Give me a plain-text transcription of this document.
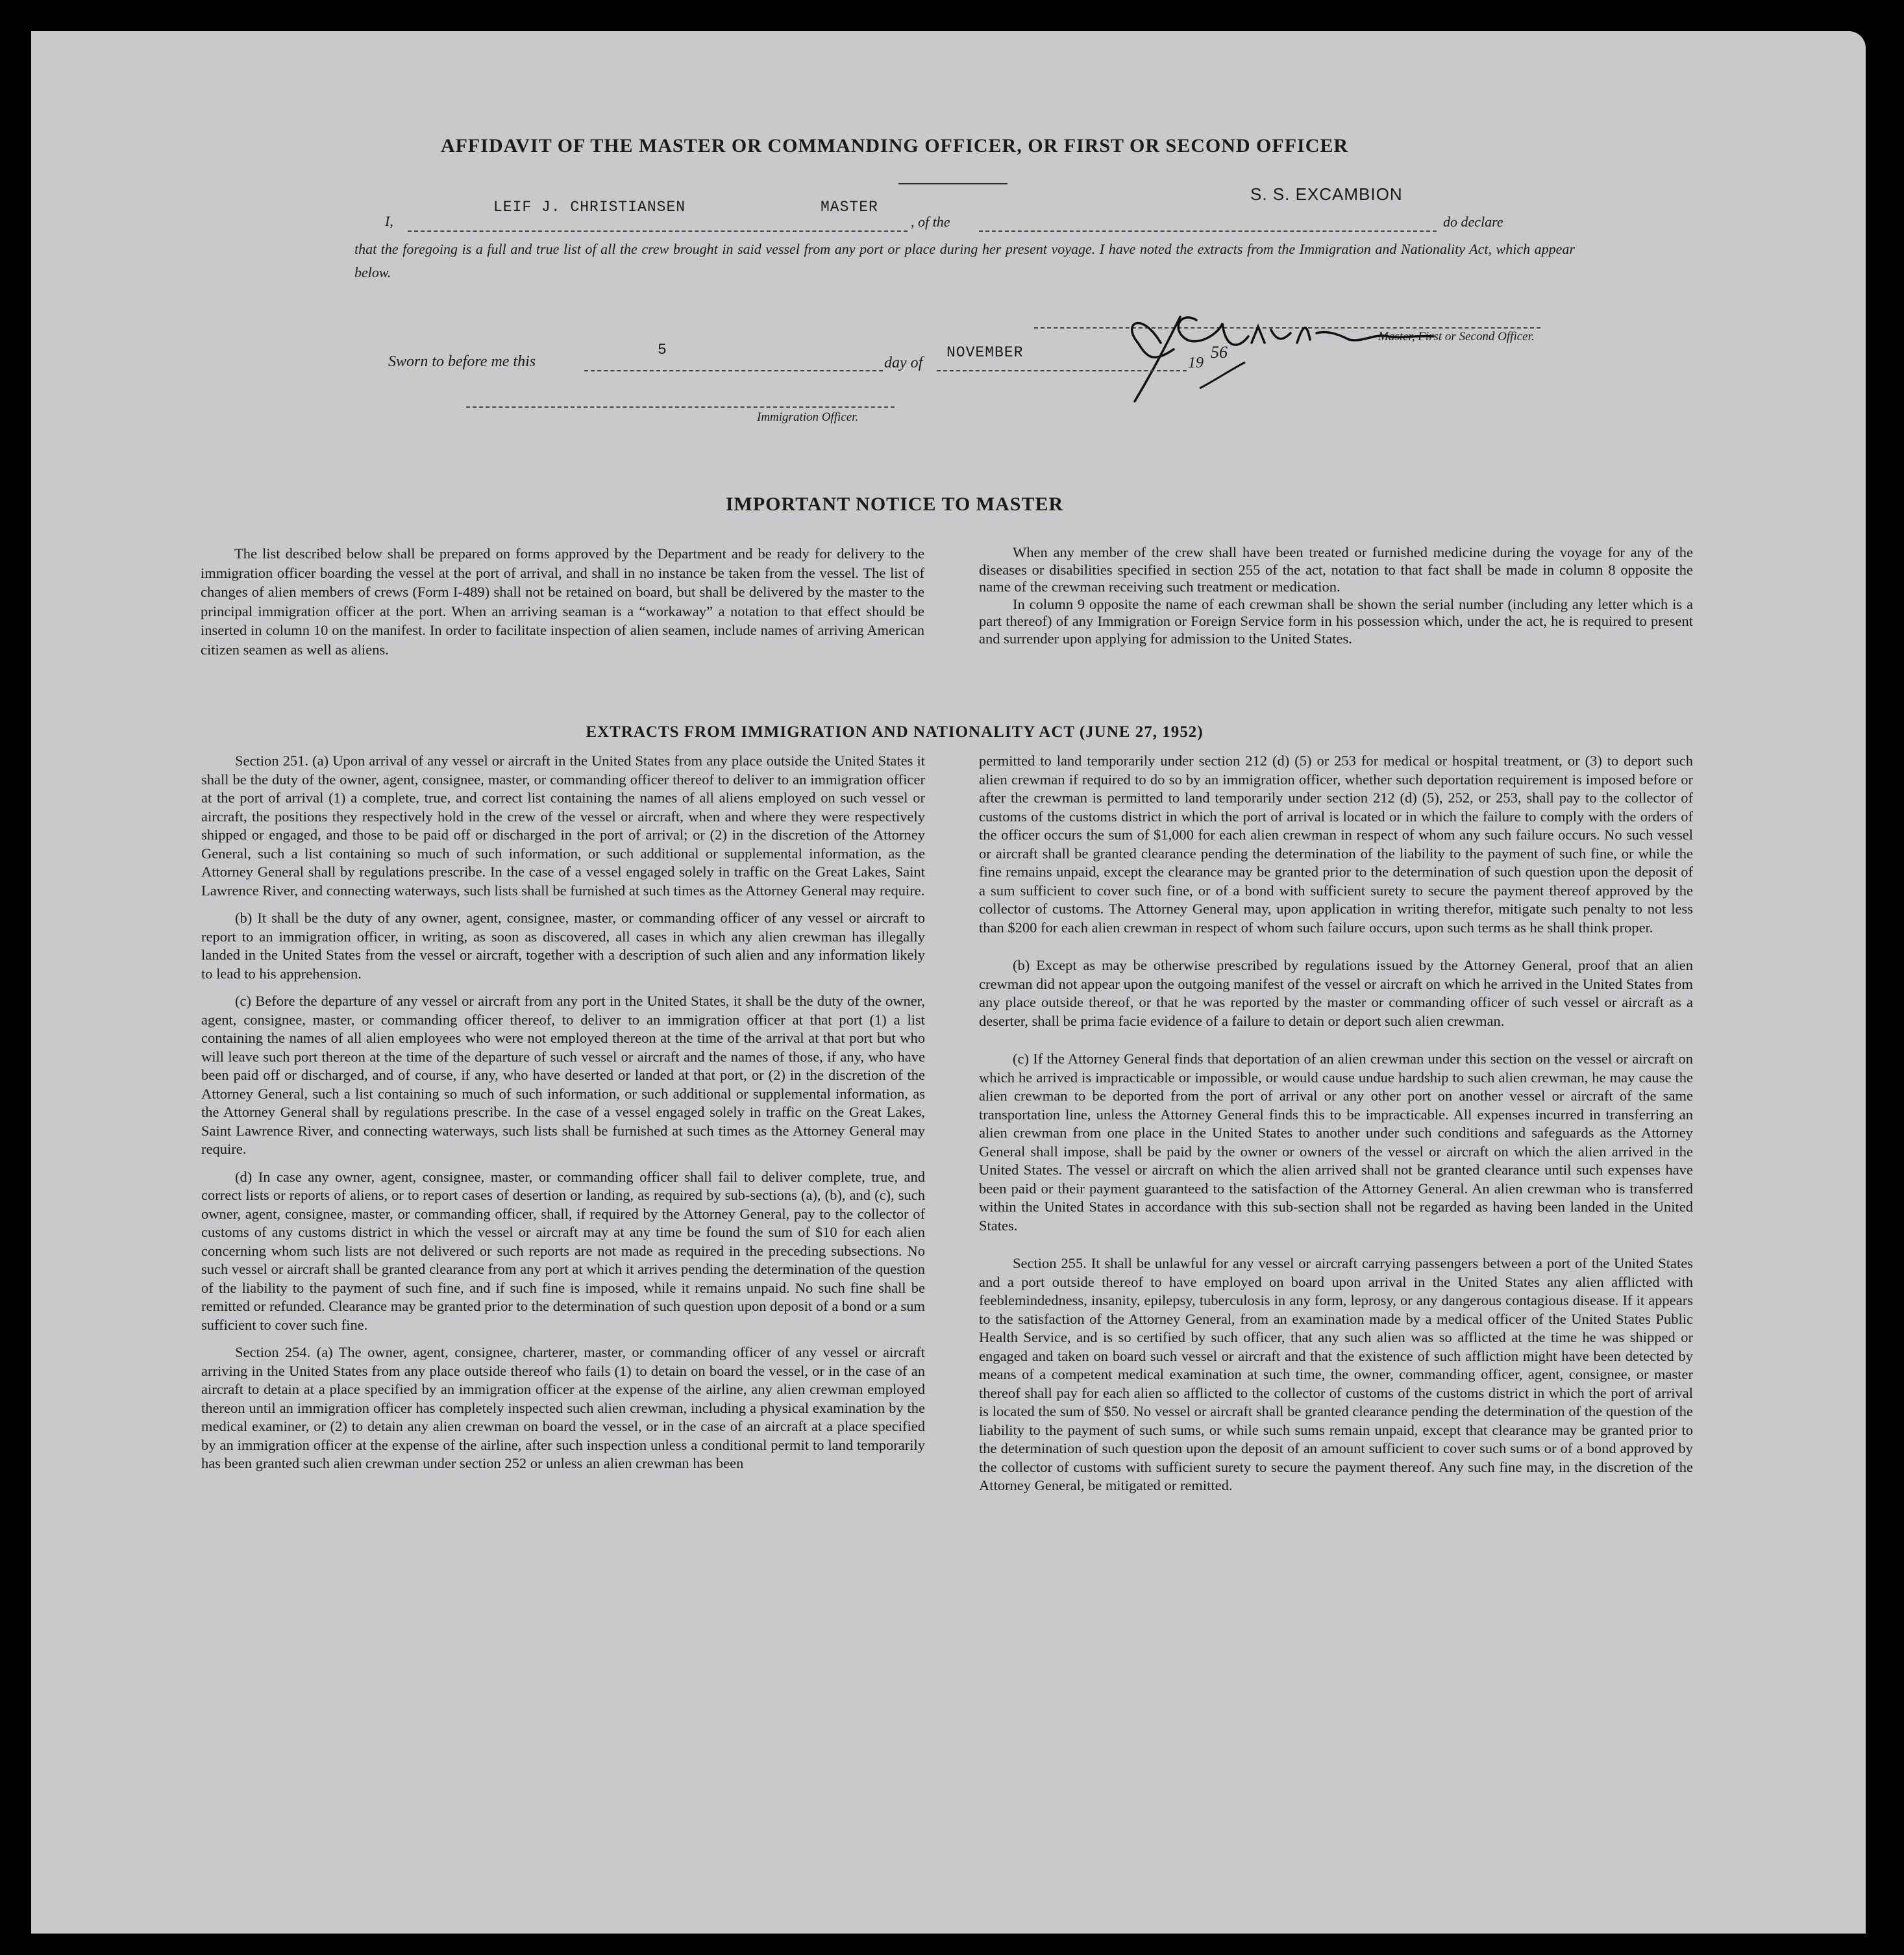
AFFIDAVIT OF THE MASTER OR COMMANDING OFFICER, OR FIRST OR SECOND OFFICER
I,
LEIF J. CHRISTIANSEN	MASTER
, of the
S. S. EXCAMBION
do declare
that the foregoing is a full and true list of all the crew brought in said vessel from any port or place during her present voyage. I have noted the extracts from the Immigration and Nationality Act, which appear below.
Master, First or Second Officer.
Sworn to before me this
5
day of
NOVEMBER
19
56
Immigration Officer.
IMPORTANT NOTICE TO MASTER

The list described below shall be prepared on forms approved by the Department and be ready for delivery to the immigration officer boarding the vessel at the port of arrival, and shall in no instance be taken from the vessel. The list of changes of alien members of crews (Form I-489) shall not be retained on board, but shall be delivered by the master to the principal immigration officer at the port. When an arriving seaman is a “workaway” a notation to that effect should be inserted in column 10 on the manifest. In order to facilitate inspection of alien seamen, include names of arriving American citizen seamen as well as aliens.

When any member of the crew shall have been treated or furnished medicine during the voyage for any of the diseases or disabilities specified in section 255 of the act, notation to that fact shall be made in column 8 opposite the name of the crewman receiving such treatment or medication.

In column 9 opposite the name of each crewman shall be shown the serial number (including any letter which is a part thereof) of any Immigration or Foreign Service form in his possession which, under the act, he is required to present and surrender upon applying for admission to the United States.

EXTRACTS FROM IMMIGRATION AND NATIONALITY ACT (JUNE 27, 1952)

Section 251. (a) Upon arrival of any vessel or aircraft in the United States from any place outside the United States it shall be the duty of the owner, agent, consignee, master, or commanding officer thereof to deliver to an immigration officer at the port of arrival (1) a complete, true, and correct list containing the names of all aliens employed on such vessel or aircraft, the positions they respectively hold in the crew of the vessel or aircraft, when and where they were respectively shipped or engaged, and those to be paid off or discharged in the port of arrival; or (2) in the discretion of the Attorney General, such a list containing so much of such information, or such additional or supplemental information, as the Attorney General shall by regulations prescribe. In the case of a vessel engaged solely in traffic on the Great Lakes, Saint Lawrence River, and connecting waterways, such lists shall be furnished at such times as the Attorney General may require.

(b) It shall be the duty of any owner, agent, consignee, master, or commanding officer of any vessel or aircraft to report to an immigration officer, in writing, as soon as discovered, all cases in which any alien crewman has illegally landed in the United States from the vessel or aircraft, together with a description of such alien and any information likely to lead to his apprehension.

(c) Before the departure of any vessel or aircraft from any port in the United States, it shall be the duty of the owner, agent, consignee, master, or commanding officer thereof, to deliver to an immigration officer at that port (1) a list containing the names of all alien employees who were not employed thereon at the time of the arrival at that port but who will leave such port thereon at the time of the departure of such vessel or aircraft and the names of those, if any, who have been paid off or discharged, and of course, if any, who have deserted or landed at that port, or (2) in the discretion of the Attorney General, such a list containing so much of such information, or such additional or supplemental information, as the Attorney General shall by regulations prescribe. In the case of a vessel engaged solely in traffic on the Great Lakes, Saint Lawrence River, and connecting waterways, such lists shall be furnished at such times as the Attorney General may require.

(d) In case any owner, agent, consignee, master, or commanding officer shall fail to deliver complete, true, and correct lists or reports of aliens, or to report cases of desertion or landing, as required by sub-sections (a), (b), and (c), such owner, agent, consignee, master, or commanding officer, shall, if required by the Attorney General, pay to the collector of customs of any customs district in which the vessel or aircraft may at any time be found the sum of $10 for each alien concerning whom such lists are not delivered or such reports are not made as required in the preceding subsections. No such vessel or aircraft shall be granted clearance from any port at which it arrives pending the determination of the question of the liability to the payment of such fine, and if such fine is imposed, while it remains unpaid. No such fine shall be remitted or refunded. Clearance may be granted prior to the determination of such question upon deposit of a bond or a sum sufficient to cover such fine.

Section 254. (a) The owner, agent, consignee, charterer, master, or commanding officer of any vessel or aircraft arriving in the United States from any place outside thereof who fails (1) to detain on board the vessel, or in the case of an aircraft to detain at a place specified by an immigration officer at the expense of the airline, any alien crewman employed thereon until an immigration officer has completely inspected such alien crewman, including a physical examination by the medical examiner, or (2) to detain any alien crewman on board the vessel, or in the case of an aircraft at a place specified by an immigration officer at the expense of the airline, after such inspection unless a conditional permit to land temporarily has been granted such alien crewman under section 252 or unless an alien crewman has been

permitted to land temporarily under section 212 (d) (5) or 253 for medical or hospital treatment, or (3) to deport such alien crewman if required to do so by an immigration officer, whether such deportation requirement is imposed before or after the crewman is permitted to land temporarily under section 212 (d) (5), 252, or 253, shall pay to the collector of customs of the customs district in which the port of arrival is located or in which the failure to comply with the orders of the officer occurs the sum of $1,000 for each alien crewman in respect of whom any such failure occurs. No such vessel or aircraft shall be granted clearance pending the determination of the liability to the payment of such fine, or while the fine remains unpaid, except the clearance may be granted prior to the determination of such question upon the deposit of a sum sufficient to cover such fine, or of a bond with sufficient surety to secure the payment thereof approved by the collector of customs. The Attorney General may, upon application in writing therefor, mitigate such penalty to not less than $200 for each alien crewman in respect of whom such failure occurs, upon such terms as he shall think proper.

(b) Except as may be otherwise prescribed by regulations issued by the Attorney General, proof that an alien crewman did not appear upon the outgoing manifest of the vessel or aircraft on which he arrived in the United States from any place outside thereof, or that he was reported by the master or commanding officer of such vessel or aircraft as a deserter, shall be prima facie evidence of a failure to detain or deport such alien crewman.

(c) If the Attorney General finds that deportation of an alien crewman under this section on the vessel or aircraft on which he arrived is impracticable or impossible, or would cause undue hardship to such alien crewman, he may cause the alien crewman to be deported from the port of arrival or any other port on another vessel or aircraft of the same transportation line, unless the Attorney General finds this to be impracticable. All expenses incurred in transferring an alien crewman from one place in the United States to another under such conditions and safeguards as the Attorney General shall impose, shall be paid by the owner or owners of the vessel or aircraft on which the alien arrived in the United States. The vessel or aircraft on which the alien arrived shall not be granted clearance until such expenses have been paid or their payment guaranteed to the satisfaction of the Attorney General. An alien crewman who is transferred within the United States in accordance with this sub-section shall not be regarded as having been landed in the United States.

Section 255. It shall be unlawful for any vessel or aircraft carrying passengers between a port of the United States and a port outside thereof to have employed on board upon arrival in the United States any alien afflicted with feeblemindedness, insanity, epilepsy, tuberculosis in any form, leprosy, or any dangerous contagious disease. If it appears to the satisfaction of the Attorney General, from an examination made by a medical officer of the United States Public Health Service, and is so certified by such officer, that any such alien was so afflicted at the time he was shipped or engaged and taken on board such vessel or aircraft and that the existence of such affliction might have been detected by means of a competent medical examination at such time, the owner, commanding officer, agent, consignee, or master thereof shall pay for each alien so afflicted to the collector of customs of the customs district in which the port of arrival is located the sum of $50. No vessel or aircraft shall be granted clearance pending the determination of the question of the liability to the payment of such sums, or while such sums remain unpaid, except that clearance may be granted prior to the determination of such question upon the deposit of an amount sufficient to cover such sums or of a bond approved by the collector of customs with sufficient surety to secure the payment thereof. Any such fine may, in the discretion of the Attorney General, be mitigated or remitted.
